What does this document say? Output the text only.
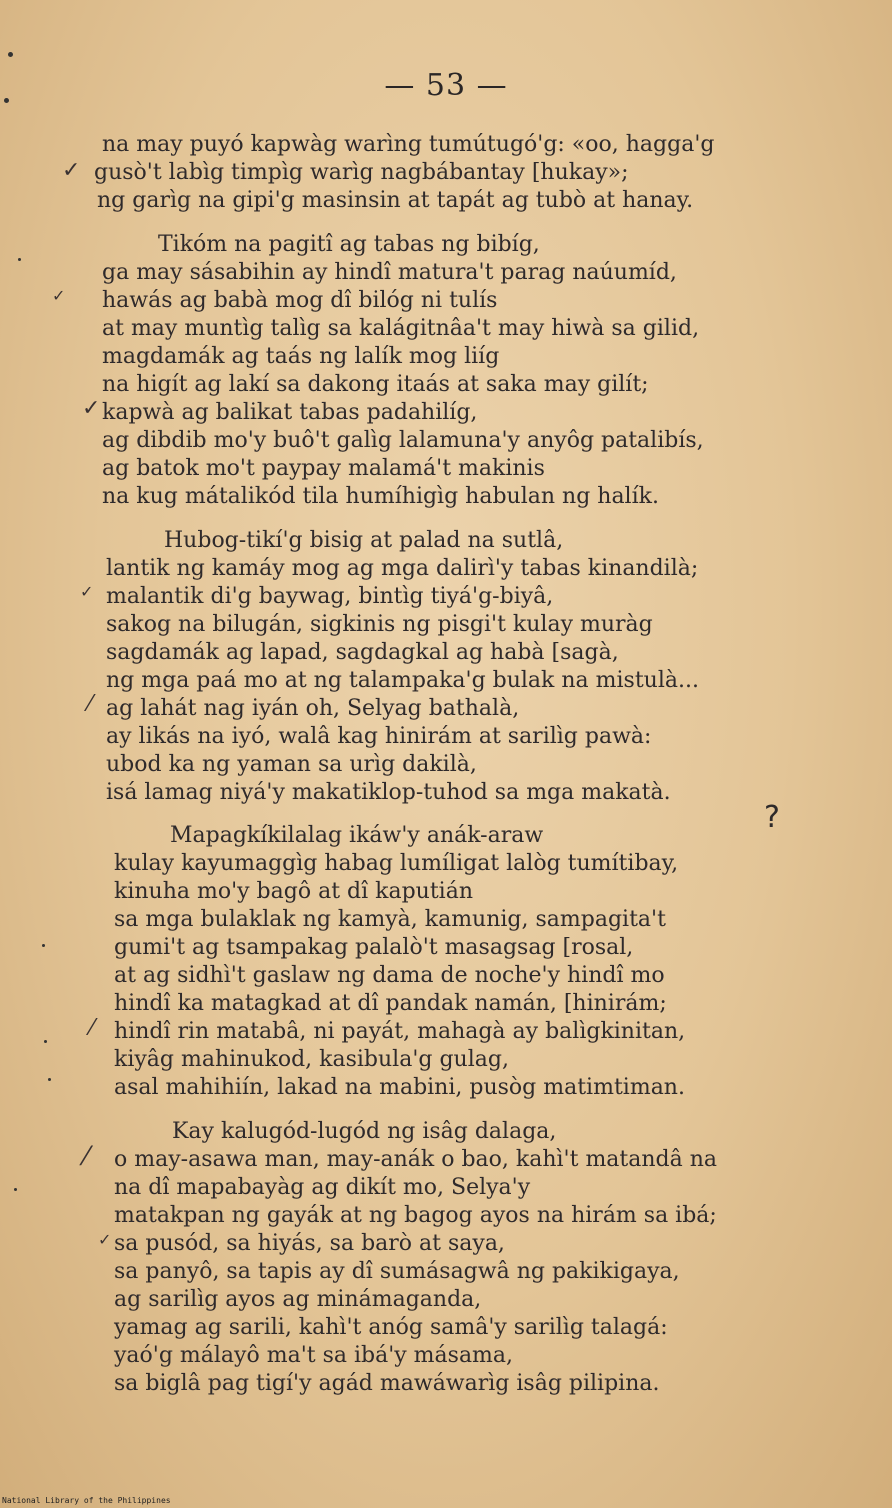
— 53 —
na may puyó kapwàg warìng tumútugó'g: «oo, hagga'g
gusò't labìg timpìg warìg nagbábantay [hukay»;
ng garìg na gipi'g masinsin at tapát ag tubò at hanay.
Tikóm na pagitî ag tabas ng bibíg,
ga may sásabihin ay hindî matura't parag naúumíd,
hawás ag babà mog dî bilóg ni tulís
at may muntìg talìg sa kalágitnâa't may hiwà sa gilid,
magdamák ag taás ng lalík mog liíg
na higít ag lakí sa dakong itaás at saka may gilít;
kapwà ag balikat tabas padahilíg,
ag dibdib mo'y buô't galìg lalamuna'y anyôg patalibís,
ag batok mo't paypay malamá't makinis
na kug mátalikód tila humíhigìg habulan ng halík.
Hubog-tikí'g bisig at palad na sutlâ,
lantik ng kamáy mog ag mga dalirì'y tabas kinandilà;
malantik di'g baywag, bintìg tiyá'g-biyâ,
sakog na bilugán, sigkinis ng pisgi't kulay muràg
sagdamák ag lapad, sagdagkal ag habà [sagà,
ng mga paá mo at ng talampaka'g bulak na mistulà...
ag lahát nag iyán oh, Selyag bathalà,
ay likás na iyó, walâ kag hinirám at sarilìg pawà:
ubod ka ng yaman sa urìg dakilà,
isá lamag niyá'y makatiklop-tuhod sa mga makatà.
Mapagkíkilalag ikáw'y anák-araw
kulay kayumaggìg habag lumíligat lalòg tumítibay,
kinuha mo'y bagô at dî kaputián
sa mga bulaklak ng kamyà, kamunig, sampagita't
gumi't ag tsampakag palalò't masagsag [rosal,
at ag sidhì't gaslaw ng dama de noche'y hindî mo
hindî ka matagkad at dî pandak namán, [hinirám;
hindî rin matabâ, ni payát, mahagà ay balìgkinitan,
kiyâg mahinukod, kasibula'g gulag,
asal mahihiín, lakad na mabini, pusòg matimtiman.
Kay kalugód-lugód ng isâg dalaga,
o may-asawa man, may-anák o bao, kahì't matandâ na
na dî mapabayàg ag dikít mo, Selya'y
matakpan ng gayák at ng bagog ayos na hirám sa ibá;
sa pusód, sa hiyás, sa barò at saya,
sa panyô, sa tapis ay dî sumásagwâ ng pakikigaya,
ag sarilìg ayos ag minámaganda,
yamag ag sarili, kahì't anóg samâ'y sarilìg talagá:
yaó'g málayô ma't sa ibá'y másama,
sa biglâ pag tigí'y agád mawáwarìg isâg pilipina.
✓
✓
✓
✓
⁄
⁄
⁄
✓
?
National Library of the Philippines
